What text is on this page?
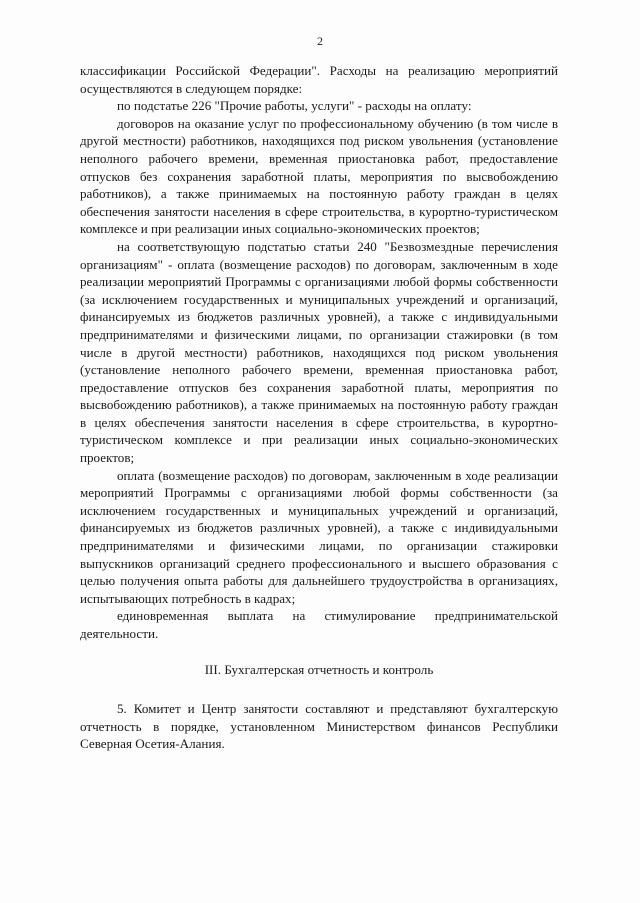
2

классификации Российской Федерации". Расходы на реализацию мероприятий осуществляются в следующем порядке:

по подстатье 226 "Прочие работы, услуги" - расходы на оплату:

договоров на оказание услуг по профессиональному обучению (в том числе в другой местности) работников, находящихся под риском увольнения (установление неполного рабочего времени, временная приостановка работ, предоставление отпусков без сохранения заработной платы, мероприятия по высвобождению работников), а также принимаемых на постоянную работу граждан в целях обеспечения занятости населения в сфере строительства, в курортно-туристическом комплексе и при реализации иных социально-экономических проектов;

на соответствующую подстатью статьи 240 "Безвозмездные перечисления организациям" - оплата (возмещение расходов) по договорам, заключенным в ходе реализации мероприятий Программы с организациями любой формы собственности (за исключением государственных и муниципальных учреждений и организаций, финансируемых из бюджетов различных уровней), а также с индивидуальными предпринимателями и физическими лицами, по организации стажировки (в том числе в другой местности) работников, находящихся под риском увольнения (установление неполного рабочего времени, временная приостановка работ, предоставление отпусков без сохранения заработной платы, мероприятия по высвобождению работников), а также принимаемых на постоянную работу граждан в целях обеспечения занятости населения в сфере строительства, в курортно-туристическом комплексе и при реализации иных социально-экономических проектов;

оплата (возмещение расходов) по договорам, заключенным в ходе реализации мероприятий Программы с организациями любой формы собственности (за исключением государственных и муниципальных учреждений и организаций, финансируемых из бюджетов различных уровней), а также с индивидуальными предпринимателями и физическими лицами, по организации стажировки выпускников организаций среднего профессионального и высшего образования с целью получения опыта работы для дальнейшего трудоустройства в организациях, испытывающих потребность в кадрах;

единовременная выплата на стимулирование предпринимательской деятельности.

III. Бухгалтерская отчетность и контроль

5. Комитет и Центр занятости составляют и представляют бухгалтерскую отчетность в порядке, установленном Министерством финансов Республики Северная Осетия-Алания.
